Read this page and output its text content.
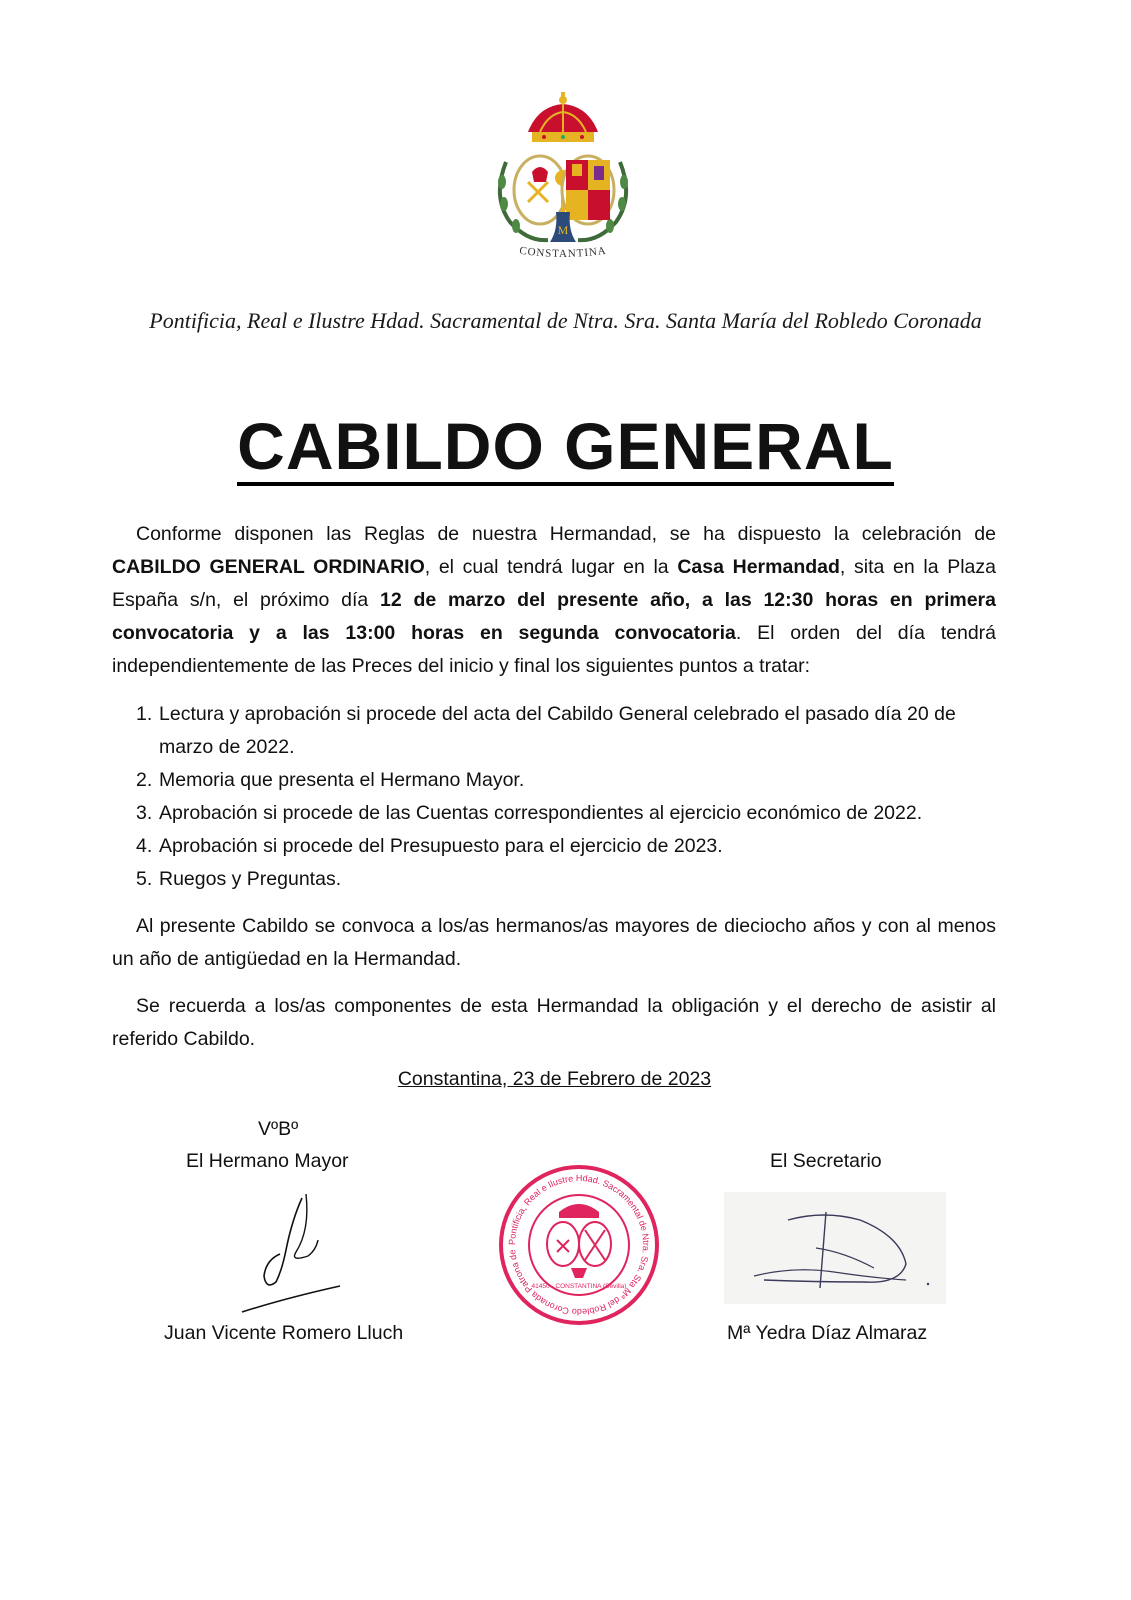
M
CONSTANTINA
Pontificia, Real e Ilustre Hdad. Sacramental de Ntra. Sra. Santa María del Robledo Coronada
CABILDO GENERAL
Conforme disponen las Reglas de nuestra Hermandad, se ha dispuesto la celebración de CABILDO GENERAL ORDINARIO, el cual tendrá lugar en la Casa Hermandad, sita en la Plaza España s/n, el próximo día 12 de marzo del presente año, a las 12:30 horas en primera convocatoria y a las 13:00 horas en segunda convocatoria. El orden del día tendrá independientemente de las Preces del inicio y final los siguientes puntos a tratar:
1. Lectura y aprobación si procede del acta del Cabildo General celebrado el pasado día 20 de marzo de 2022.
2. Memoria que presenta el Hermano Mayor.
3. Aprobación si procede de las Cuentas correspondientes al ejercicio económico de 2022.
4. Aprobación si procede del Presupuesto para el ejercicio de 2023.
5. Ruegos y Preguntas.
Al presente Cabildo se convoca a los/as hermanos/as mayores de dieciocho años y con al menos un año de antigüedad en la Hermandad.
Se recuerda a los/as componentes de esta Hermandad la obligación y el derecho de asistir al referido Cabildo.
Constantina, 23 de Febrero de 2023
VºBº
El Hermano Mayor	El Secretario
Pontificia, Real e Ilustre Hdad. Sacramental de Ntra. Sra. Sta Mª del Robledo Coronada Patrona de
41450 - CONSTANTINA (Sevilla)
Juan Vicente Romero Lluch	Mª Yedra Díaz Almaraz
